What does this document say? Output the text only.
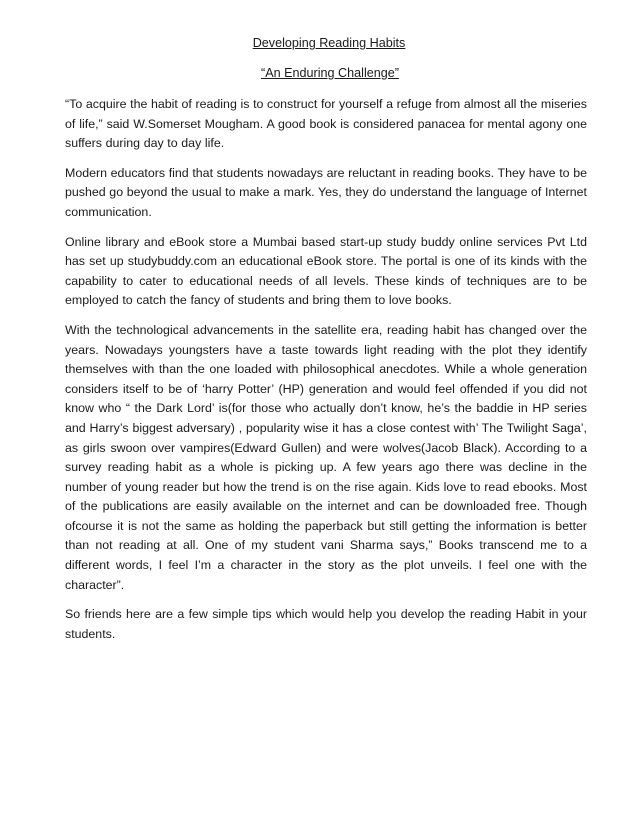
Developing Reading Habits
“An Enduring Challenge”

“To acquire the habit of reading is to construct for yourself a refuge from almost all the miseries of life,” said W.Somerset Mougham. A good book is considered panacea for mental agony one suffers during day to day life.

Modern educators find that students nowadays are reluctant in reading books. They have to be pushed go beyond the usual to make a mark. Yes, they do understand the language of Internet communication.

Online library and eBook store a Mumbai based start-up study buddy online services Pvt Ltd has set up studybuddy.com an educational eBook store. The portal is one of its kinds with the capability to cater to educational needs of all levels. These kinds of techniques are to be employed to catch the fancy of students and bring them to love books.

With the technological advancements in the satellite era, reading habit has changed over the years. Nowadays youngsters have a taste towards light reading with the plot they identify themselves with than the one loaded with philosophical anecdotes. While a whole generation considers itself to be of ‘harry Potter’ (HP) generation and would feel offended if you did not know who “ the Dark Lord’ is(for those who actually don’t know, he’s the baddie in HP series and Harry’s biggest adversary) , popularity wise it has a close contest with’ The Twilight Saga’, as girls swoon over vampires(Edward Gullen) and were wolves(Jacob Black). According to a survey reading habit as a whole is picking up. A few years ago there was decline in the number of young reader but how the trend is on the rise again. Kids love to read ebooks. Most of the publications are easily available on the internet and can be downloaded free. Though ofcourse it is not the same as holding the paperback but still getting the information is better than not reading at all. One of my student vani Sharma says,” Books transcend me to a different words, I feel I’m a character in the story as the plot unveils. I feel one with the character”.

So friends here are a few simple tips which would help you develop the reading Habit in your students.
